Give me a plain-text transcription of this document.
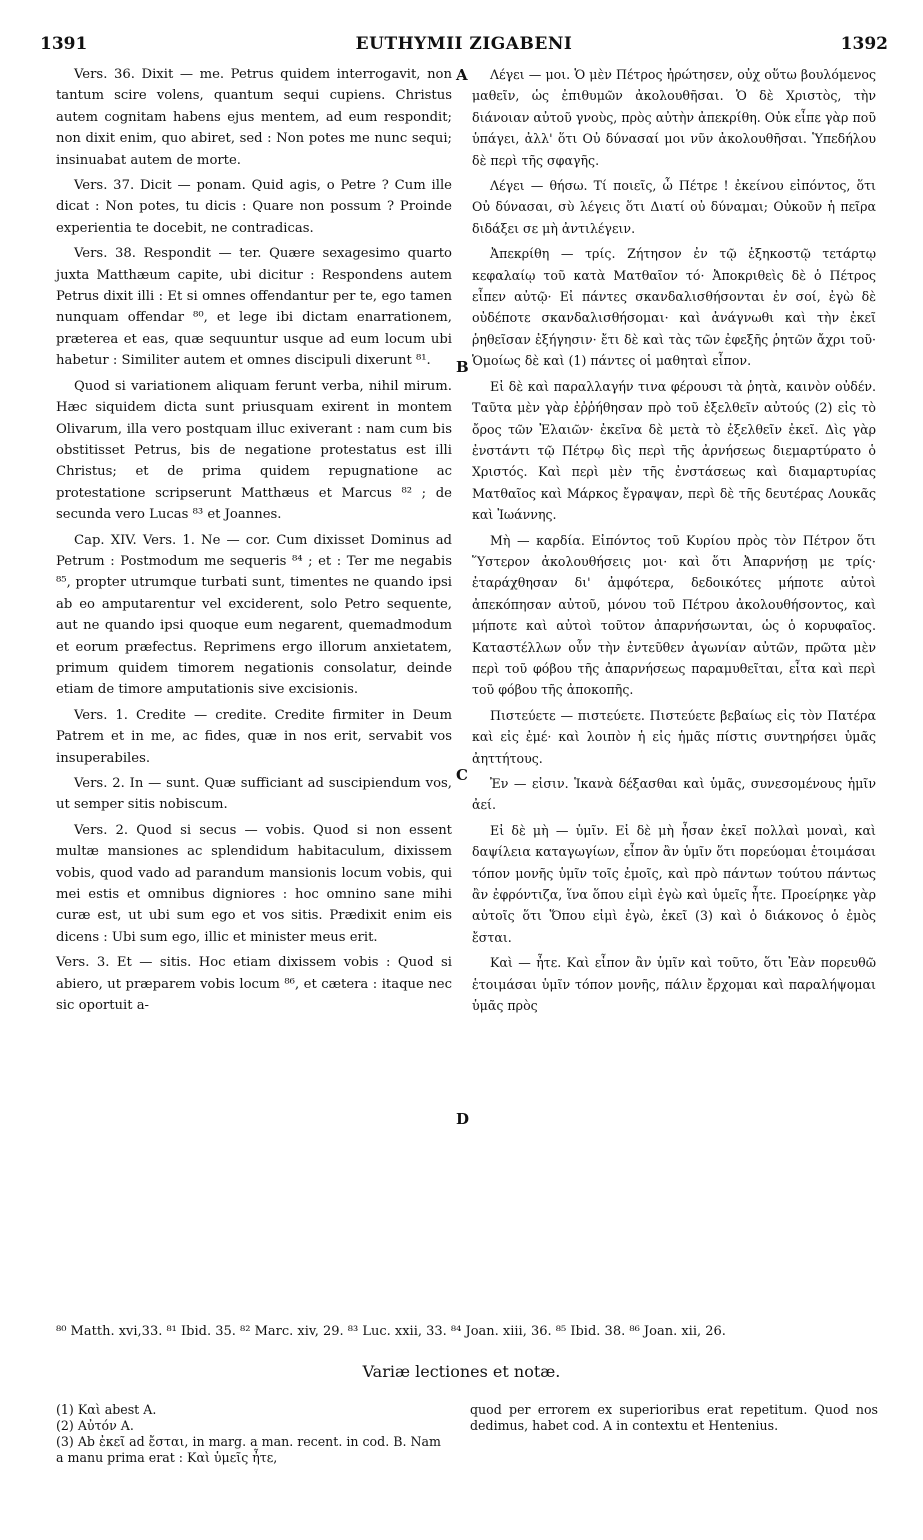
1391	EUTHYMII ZIGABENI	1392
A
B
C
D

Vers. 36. Dixit — me. Petrus quidem interrogavit, non tantum scire volens, quantum sequi cupiens. Christus autem cognitam habens ejus mentem, ad eum respondit; non dixit enim, quo abiret, sed : Non potes me nunc sequi; insinuabat autem de morte.

Vers. 37. Dicit — ponam. Quid agis, o Petre ? Cum ille dicat : Non potes, tu dicis : Quare non possum ? Proinde experientia te docebit, ne contradicas.

Vers. 38. Respondit — ter. Quære sexagesimo quarto juxta Matthæum capite, ubi dicitur : Respondens autem Petrus dixit illi : Et si omnes offendantur per te, ego tamen nunquam offendar ⁸⁰, et lege ibi dictam enarrationem, præterea et eas, quæ sequuntur usque ad eum locum ubi habetur : Similiter autem et omnes discipuli dixerunt ⁸¹.

Quod si variationem aliquam ferunt verba, nihil mirum. Hæc siquidem dicta sunt priusquam exirent in montem Olivarum, illa vero postquam illuc exiverant : nam cum bis obstitisset Petrus, bis de negatione protestatus est illi Christus; et de prima quidem repugnatione ac protestatione scripserunt Matthæus et Marcus ⁸² ; de secunda vero Lucas ⁸³ et Joannes.

Cap. XIV. Vers. 1. Ne — cor. Cum dixisset Dominus ad Petrum : Postmodum me sequeris ⁸⁴ ; et : Ter me negabis ⁸⁵, propter utrumque turbati sunt, timentes ne quando ipsi ab eo amputarentur vel exciderent, solo Petro sequente, aut ne quando ipsi quoque eum negarent, quemadmodum et eorum præfectus. Reprimens ergo illorum anxietatem, primum quidem timorem negationis consolatur, deinde etiam de timore amputationis sive excisionis.

Vers. 1. Credite — credite. Credite firmiter in Deum Patrem et in me, ac fides, quæ in nos erit, servabit vos insuperabiles.

Vers. 2. In — sunt. Quæ sufficiant ad suscipiendum vos, ut semper sitis nobiscum.

Vers. 2. Quod si secus — vobis. Quod si non essent multæ mansiones ac splendidum habitaculum, dixissem vobis, quod vado ad parandum mansionis locum vobis, qui mei estis et omnibus digniores : hoc omnino sane mihi curæ est, ut ubi sum ego et vos sitis. Prædixit enim eis dicens : Ubi sum ego, illic et minister meus erit.

Vers. 3. Et — sitis. Hoc etiam dixissem vobis : Quod si abiero, ut præparem vobis locum ⁸⁶, et cætera : itaque nec sic oportuit a-

Λέγει — μοι. Ὁ μὲν Πέτρος ἠρώτησεν, οὐχ οὕτω βουλόμενος μαθεῖν, ὡς ἐπιθυμῶν ἀκολουθῆσαι. Ὁ δὲ Χριστὸς, τὴν διάνοιαν αὐτοῦ γνοὺς, πρὸς αὐτὴν ἀπεκρίθη. Οὐκ εἶπε γὰρ ποῦ ὑπάγει, ἀλλ' ὅτι Οὐ δύνασαί μοι νῦν ἀκολουθῆσαι. Ὑπεδήλου δὲ περὶ τῆς σφαγῆς.

Λέγει — θήσω. Τί ποιεῖς, ὦ Πέτρε ! ἐκείνου εἰπόντος, ὅτι Οὐ δύνασαι, σὺ λέγεις ὅτι Διατί οὐ δύναμαι; Οὐκοῦν ἡ πεῖρα διδάξει σε μὴ ἀντιλέγειν.

Ἀπεκρίθη — τρίς. Ζήτησον ἐν τῷ ἑξηκοστῷ τετάρτῳ κεφαλαίῳ τοῦ κατὰ Ματθαῖον τό· Ἀποκριθεὶς δὲ ὁ Πέτρος εἶπεν αὐτῷ· Εἰ πάντες σκανδαλισθήσονται ἐν σοί, ἐγὼ δὲ οὐδέποτε σκανδαλισθήσομαι· καὶ ἀνάγνωθι καὶ τὴν ἐκεῖ ῥηθεῖσαν ἐξήγησιν· ἔτι δὲ καὶ τὰς τῶν ἐφεξῆς ῥητῶν ἄχρι τοῦ· Ὁμοίως δὲ καὶ (1) πάντες οἱ μαθηταὶ εἶπον.

Εἰ δὲ καὶ παραλλαγήν τινα φέρουσι τὰ ῥητὰ, καινὸν οὐδέν. Ταῦτα μὲν γὰρ ἐῤῥήθησαν πρὸ τοῦ ἐξελθεῖν αὐτούς (2) εἰς τὸ ὄρος τῶν Ἐλαιῶν· ἐκεῖνα δὲ μετὰ τὸ ἐξελθεῖν ἐκεῖ. Δὶς γὰρ ἐνστάντι τῷ Πέτρῳ δὶς περὶ τῆς ἀρνήσεως διεμαρτύρατο ὁ Χριστός. Καὶ περὶ μὲν τῆς ἐνστάσεως καὶ διαμαρτυρίας Ματθαῖος καὶ Μάρκος ἔγραψαν, περὶ δὲ τῆς δευτέρας Λουκᾶς καὶ Ἰωάννης.

Μὴ — καρδία. Εἰπόντος τοῦ Κυρίου πρὸς τὸν Πέτρον ὅτι Ὕστερον ἀκολουθήσεις μοι· καὶ ὅτι Ἀπαρνήσῃ με τρίς· ἐταράχθησαν δι' ἀμφότερα, δεδοικότες μήποτε αὐτοὶ ἀπεκόπησαν αὐτοῦ, μόνου τοῦ Πέτρου ἀκολουθήσοντος, καὶ μήποτε καὶ αὐτοὶ τοῦτον ἀπαρνήσωνται, ὡς ὁ κορυφαῖος. Καταστέλλων οὖν τὴν ἐντεῦθεν ἀγωνίαν αὐτῶν, πρῶτα μὲν περὶ τοῦ φόβου τῆς ἀπαρνήσεως παραμυθεῖται, εἶτα καὶ περὶ τοῦ φόβου τῆς ἀποκοπῆς.

Πιστεύετε — πιστεύετε. Πιστεύετε βεβαίως εἰς τὸν Πατέρα καὶ εἰς ἐμέ· καὶ λοιπὸν ἡ εἰς ἡμᾶς πίστις συντηρήσει ὑμᾶς ἀηττήτους.

Ἐν — εἰσιν. Ἱκανὰ δέξασθαι καὶ ὑμᾶς, συνεσομένους ἡμῖν ἀεί.

Εἰ δὲ μὴ — ὑμῖν. Εἰ δὲ μὴ ἦσαν ἐκεῖ πολλαὶ μοναὶ, καὶ δαψίλεια καταγωγίων, εἶπον ἂν ὑμῖν ὅτι πορεύομαι ἑτοιμάσαι τόπον μονῆς ὑμῖν τοῖς ἐμοῖς, καὶ πρὸ πάντων τούτου πάντως ἂν ἐφρόντιζα, ἵνα ὅπου εἰμὶ ἐγὼ καὶ ὑμεῖς ἦτε. Προείρηκε γὰρ αὐτοῖς ὅτι Ὅπου εἰμὶ ἐγὼ, ἐκεῖ (3) καὶ ὁ διάκονος ὁ ἐμὸς ἔσται.

Καὶ — ἦτε. Καὶ εἶπον ἂν ὑμῖν καὶ τοῦτο, ὅτι Ἐὰν πορευθῶ ἑτοιμάσαι ὑμῖν τόπον μονῆς, πάλιν ἔρχομαι καὶ παραλήψομαι ὑμᾶς πρὸς

⁸⁰ Matth. xvi,33. ⁸¹ Ibid. 35. ⁸² Marc. xiv, 29. ⁸³ Luc. xxii, 33. ⁸⁴ Joan. xiii, 36. ⁸⁵ Ibid. 38. ⁸⁶ Joan. xii, 26.
Variæ lectiones et notæ.
(1) Καὶ abest A.
(2) Αὐτόν A.
(3) Ab ἐκεῖ ad ἔσται, in marg. a man. recent. in cod. B. Nam a manu prima erat : Καὶ ὑμεῖς ἦτε,
quod per errorem ex superioribus erat repetitum. Quod nos dedimus, habet cod. A in contextu et Hentenius.
